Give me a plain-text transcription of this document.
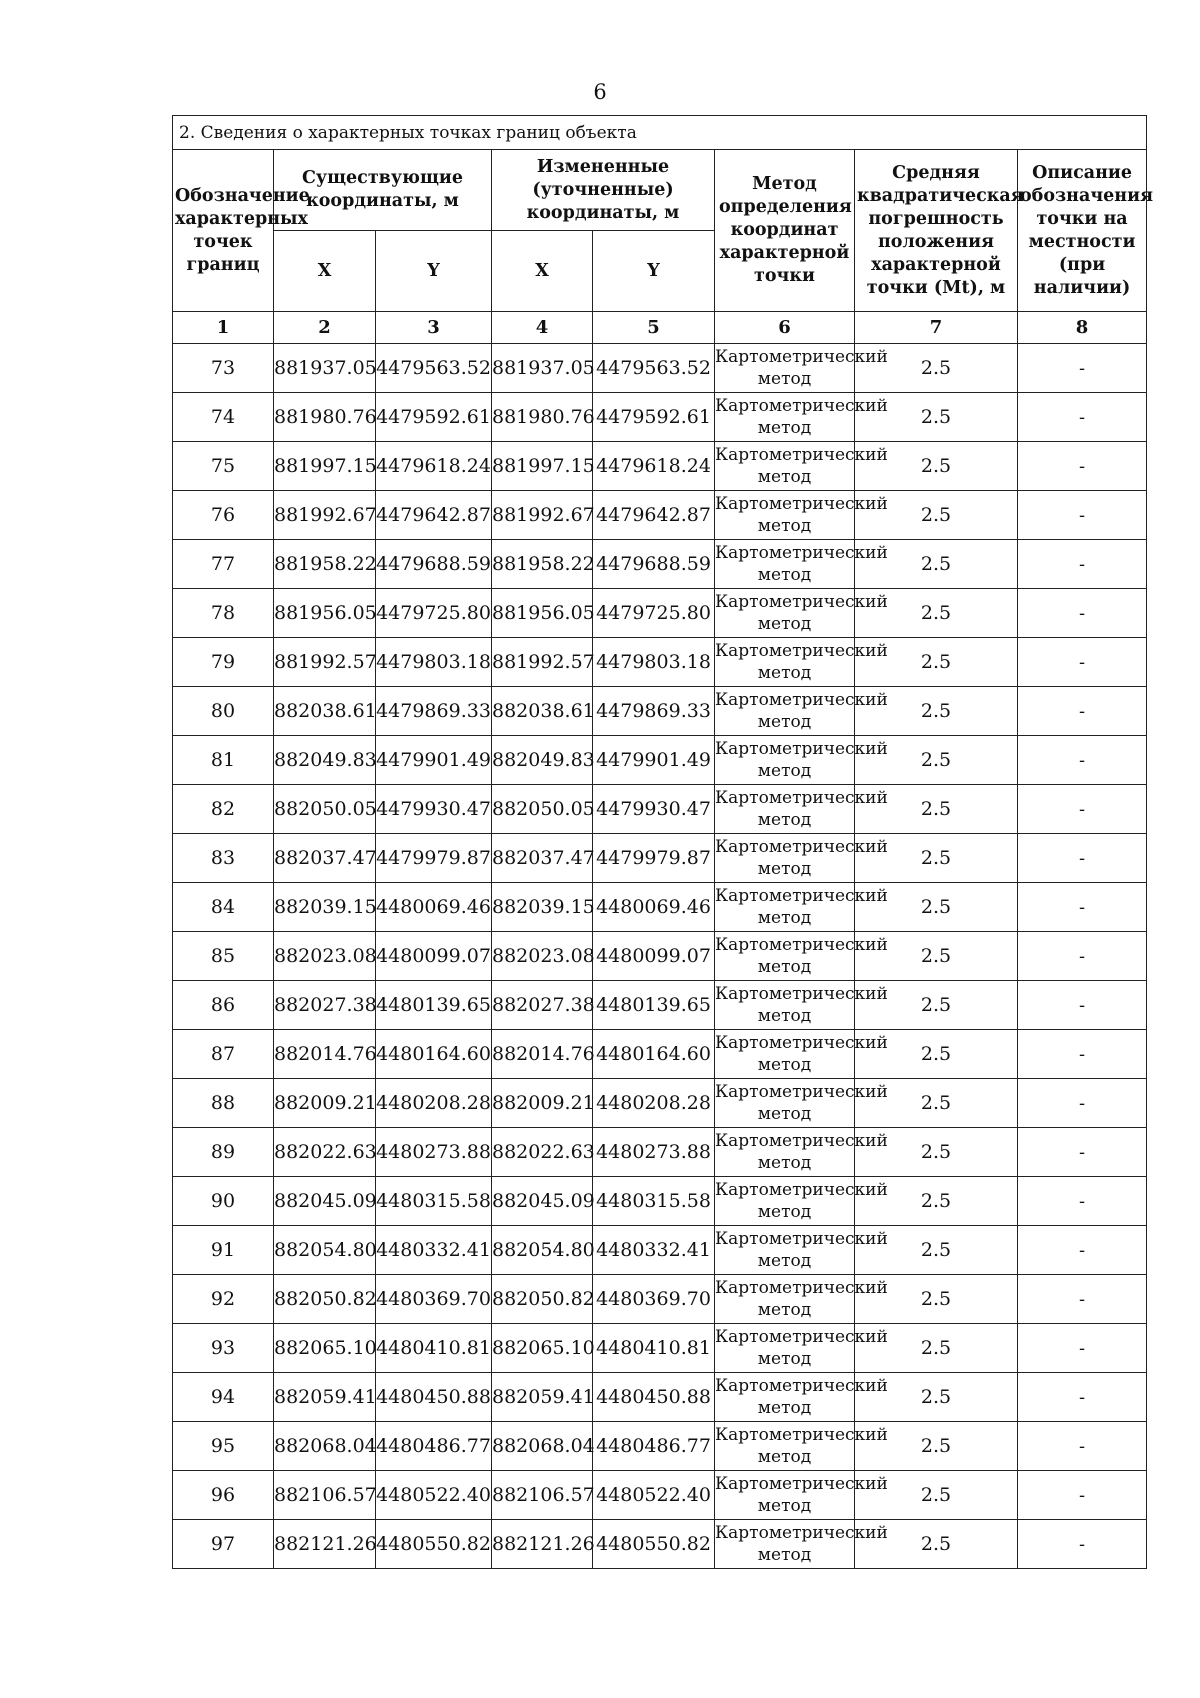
6
2. Сведения о характерных точках границ объекта							
Обозначение характерных точек границ	Существующие координаты, м		Измененные (уточненные) координаты, м		Метод определения координат характерной точки	Средняя квадратическая погрешность положения характерной точки (Mt), м	Описание обозначения точки на местности (при наличии)
	X	Y	X	Y			
1	2	3	4	5	6	7	8
73	881937.05	4479563.52	881937.05	4479563.52	Картометрический метод	2.5	-
74	881980.76	4479592.61	881980.76	4479592.61	Картометрический метод	2.5	-
75	881997.15	4479618.24	881997.15	4479618.24	Картометрический метод	2.5	-
76	881992.67	4479642.87	881992.67	4479642.87	Картометрический метод	2.5	-
77	881958.22	4479688.59	881958.22	4479688.59	Картометрический метод	2.5	-
78	881956.05	4479725.80	881956.05	4479725.80	Картометрический метод	2.5	-
79	881992.57	4479803.18	881992.57	4479803.18	Картометрический метод	2.5	-
80	882038.61	4479869.33	882038.61	4479869.33	Картометрический метод	2.5	-
81	882049.83	4479901.49	882049.83	4479901.49	Картометрический метод	2.5	-
82	882050.05	4479930.47	882050.05	4479930.47	Картометрический метод	2.5	-
83	882037.47	4479979.87	882037.47	4479979.87	Картометрический метод	2.5	-
84	882039.15	4480069.46	882039.15	4480069.46	Картометрический метод	2.5	-
85	882023.08	4480099.07	882023.08	4480099.07	Картометрический метод	2.5	-
86	882027.38	4480139.65	882027.38	4480139.65	Картометрический метод	2.5	-
87	882014.76	4480164.60	882014.76	4480164.60	Картометрический метод	2.5	-
88	882009.21	4480208.28	882009.21	4480208.28	Картометрический метод	2.5	-
89	882022.63	4480273.88	882022.63	4480273.88	Картометрический метод	2.5	-
90	882045.09	4480315.58	882045.09	4480315.58	Картометрический метод	2.5	-
91	882054.80	4480332.41	882054.80	4480332.41	Картометрический метод	2.5	-
92	882050.82	4480369.70	882050.82	4480369.70	Картометрический метод	2.5	-
93	882065.10	4480410.81	882065.10	4480410.81	Картометрический метод	2.5	-
94	882059.41	4480450.88	882059.41	4480450.88	Картометрический метод	2.5	-
95	882068.04	4480486.77	882068.04	4480486.77	Картометрический метод	2.5	-
96	882106.57	4480522.40	882106.57	4480522.40	Картометрический метод	2.5	-
97	882121.26	4480550.82	882121.26	4480550.82	Картометрический метод	2.5	-
